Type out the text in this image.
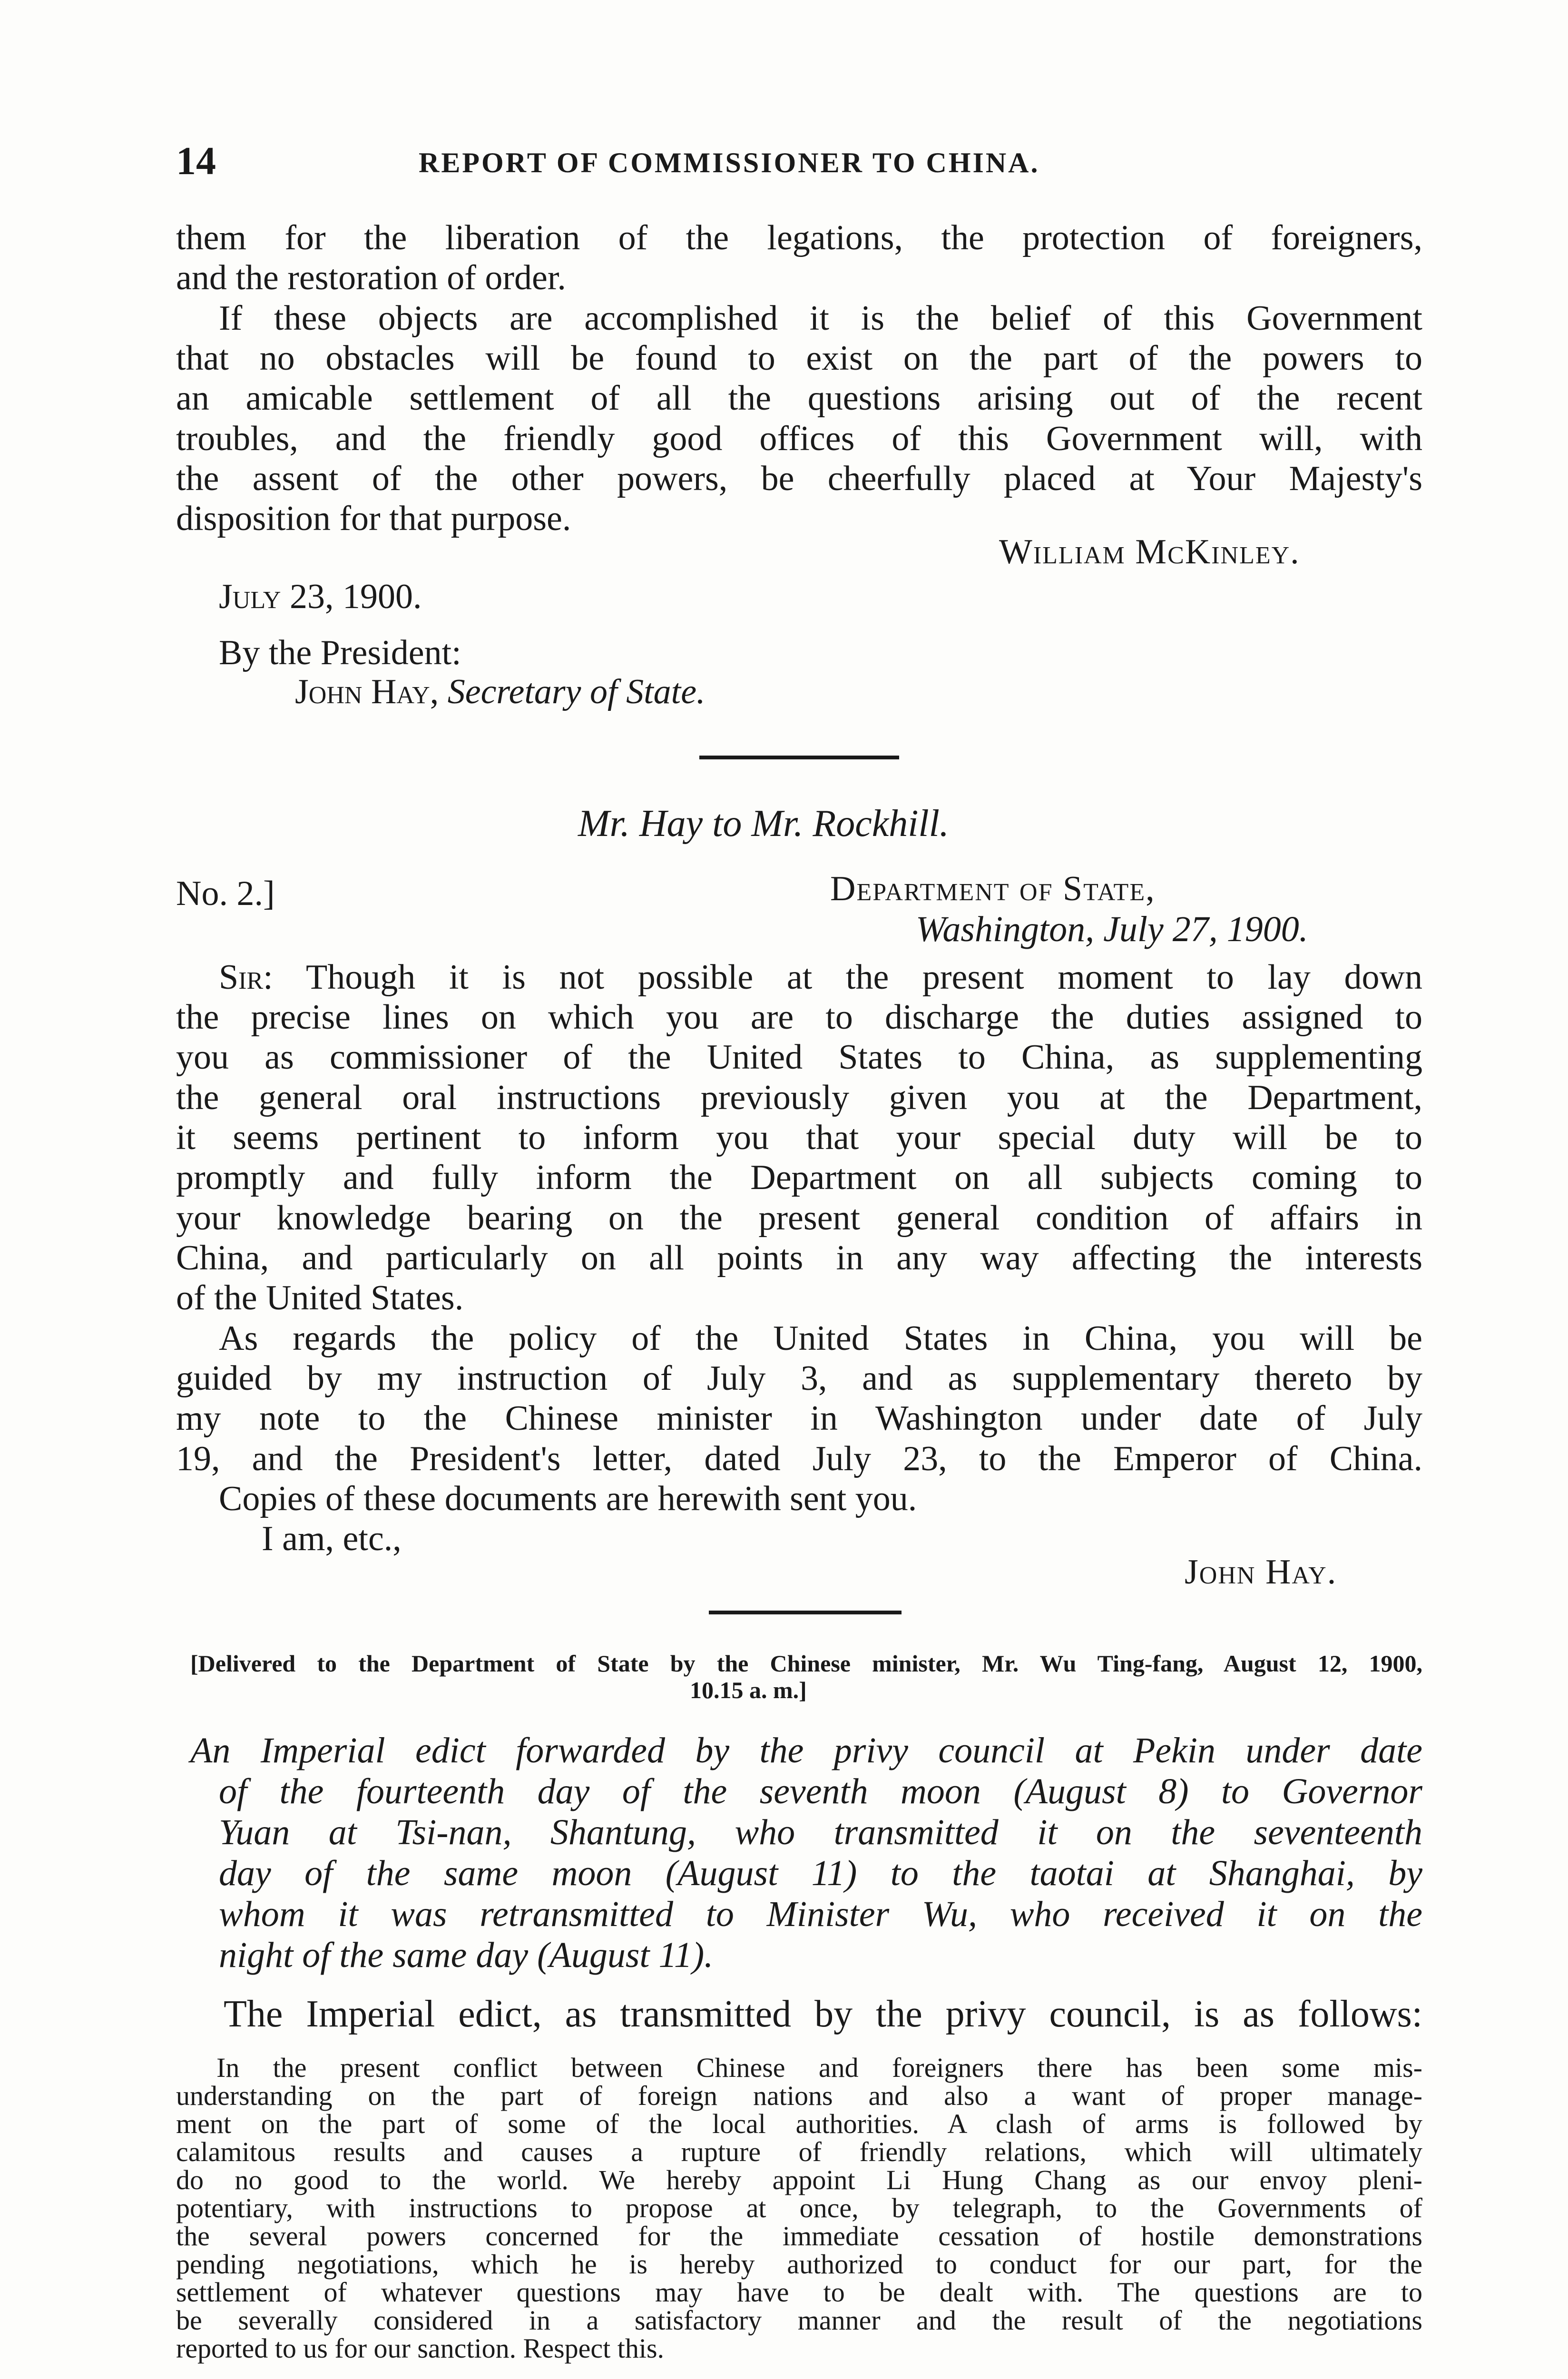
14	REPORT OF COMMISSIONER TO CHINA.
them for the liberation of the legations, the protection of foreigners,
and the restoration of order.
If these objects are accomplished it is the belief of this Government
that no obstacles will be found to exist on the part of the powers to
an amicable settlement of all the questions arising out of the recent
troubles, and the friendly good offices of this Government will, with
the assent of the other powers, be cheerfully placed at Your Majesty's
disposition for that purpose.
William McKinley.
July 23, 1900.
By the President:
John Hay, Secretary of State.
Mr. Hay to Mr. Rockhill.
No. 2.]	Department of State,
Washington, July 27, 1900.
Sir: Though it is not possible at the present moment to lay down
the precise lines on which you are to discharge the duties assigned to
you as commissioner of the United States to China, as supplementing
the general oral instructions previously given you at the Department,
it seems pertinent to inform you that your special duty will be to
promptly and fully inform the Department on all subjects coming to
your knowledge bearing on the present general condition of affairs in
China, and particularly on all points in any way affecting the interests
of the United States.
As regards the policy of the United States in China, you will be
guided by my instruction of July 3, and as supplementary thereto by
my note to the Chinese minister in Washington under date of July
19, and the President's letter, dated July 23, to the Emperor of China.
Copies of these documents are herewith sent you.
I am, etc.,
John Hay.
[Delivered to the Department of State by the Chinese minister, Mr. Wu Ting-fang, August 12, 1900,
10.15 a. m.]
An Imperial edict forwarded by the privy council at Pekin under date
of the fourteenth day of the seventh moon (August 8) to Governor
Yuan at Tsi-nan, Shantung, who transmitted it on the seventeenth
day of the same moon (August 11) to the taotai at Shanghai, by
whom it was retransmitted to Minister Wu, who received it on the
night of the same day (August 11).
The Imperial edict, as transmitted by the privy council, is as follows:
In the present conflict between Chinese and foreigners there has been some mis-
understanding on the part of foreign nations and also a want of proper manage-
ment on the part of some of the local authorities. A clash of arms is followed by
calamitous results and causes a rupture of friendly relations, which will ultimately
do no good to the world. We hereby appoint Li Hung Chang as our envoy pleni-
potentiary, with instructions to propose at once, by telegraph, to the Governments of
the several powers concerned for the immediate cessation of hostile demonstrations
pending negotiations, which he is hereby authorized to conduct for our part, for the
settlement of whatever questions may have to be dealt with. The questions are to
be severally considered in a satisfactory manner and the result of the negotiations
reported to us for our sanction. Respect this.
